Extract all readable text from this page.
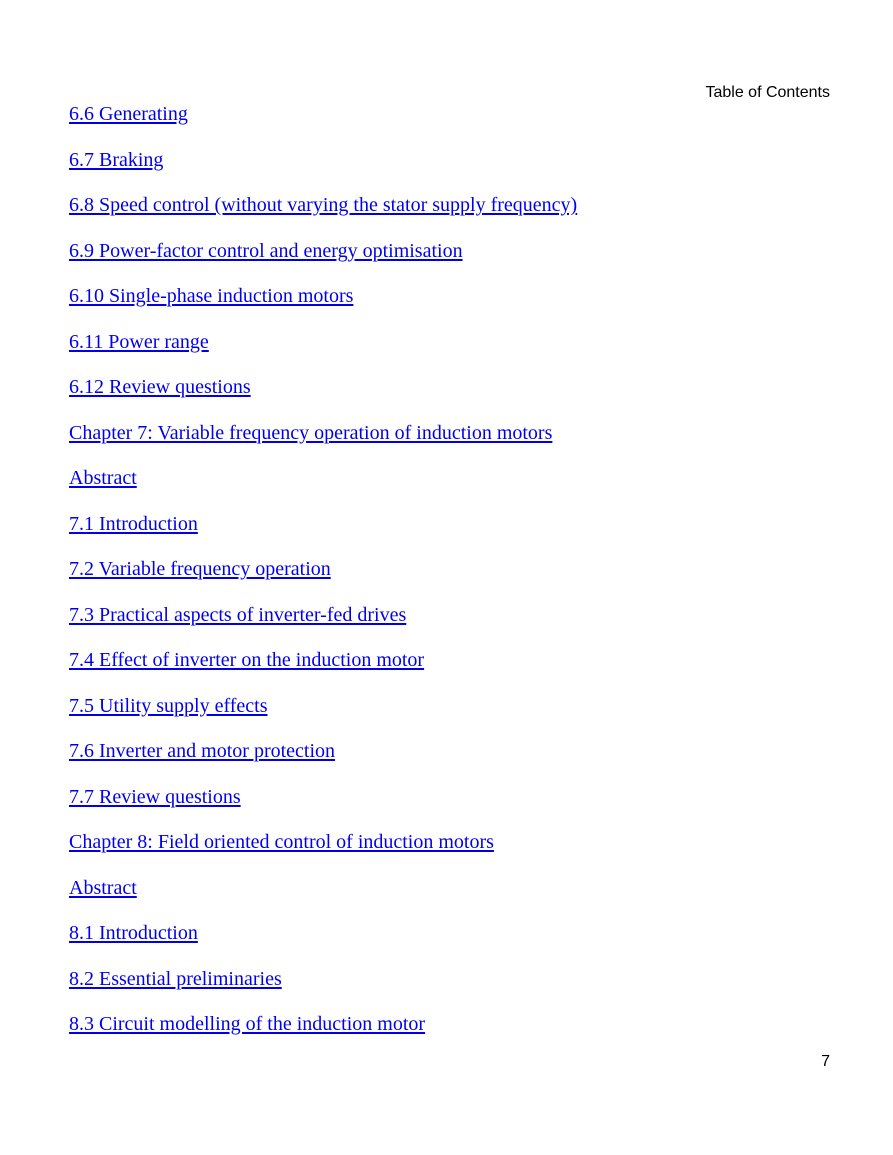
Table of Contents
6.6 Generating
6.7 Braking
6.8 Speed control (without varying the stator supply frequency)
6.9 Power-factor control and energy optimisation
6.10 Single-phase induction motors
6.11 Power range
6.12 Review questions
Chapter 7: Variable frequency operation of induction motors
Abstract
7.1 Introduction
7.2 Variable frequency operation
7.3 Practical aspects of inverter-fed drives
7.4 Effect of inverter on the induction motor
7.5 Utility supply effects
7.6 Inverter and motor protection
7.7 Review questions
Chapter 8: Field oriented control of induction motors
Abstract
8.1 Introduction
8.2 Essential preliminaries
8.3 Circuit modelling of the induction motor
7
